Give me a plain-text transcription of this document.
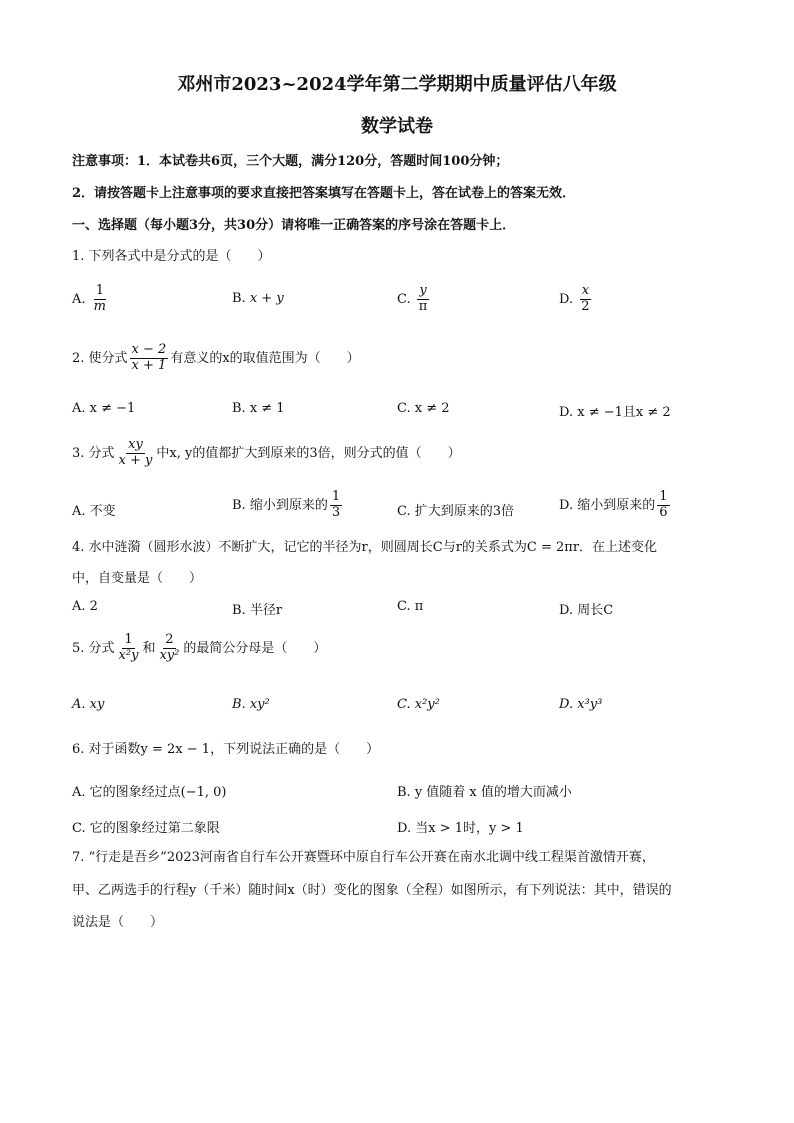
邓州市2023~2024学年第二学期期中质量评估八年级
数学试卷
注意事项：1．本试卷共6页，三个大题，满分120分，答题时间100分钟；
2．请按答题卡上注意事项的要求直接把答案填写在答题卡上，答在试卷上的答案无效．
一、选择题（每小题3分，共30分）请将唯一正确答案的序号涂在答题卡上．
1. 下列各式中是分式的是（　　）
A. $\frac{1}{m}$	B. x + y	C. $\frac{y}{\pi}$	D. $\frac{x}{2}$
2. 使分式 $\frac{x - 2}{x + 1}$ 有意义的x的取值范围为（　　）
A. x ≠ −1	B. x ≠ 1	C. x ≠ 2	D. x ≠ −1且x ≠ 2
3. 分式 $\frac{xy}{x + y}$ 中x, y的值都扩大到原来的3倍，则分式的值（　　）
A. 不变	B. 缩小到原来的 $\frac{1}{3}$	C. 扩大到原来的3倍	D. 缩小到原来的 $\frac{1}{6}$
4. 水中涟漪（圆形水波）不断扩大，记它的半径为r，则圆周长C与r的关系式为C = 2πr．在上述变化
中，自变量是（　　）
A. 2	B. 半径r	C. π	D. 周长C
5. 分式 $\frac{1}{\text{x²y}}$ 和 $\frac{2}{\text{xy²}}$ 的最简公分母是（　　）
A. xy	B. xy²	C. x²y²	D. x³y³
6. 对于函数y = 2x − 1，下列说法正确的是（　　）
A. 它的图象经过点(−1, 0)	B. y 值随着 x 值的增大而减小
C. 它的图象经过第二象限	D. 当x > 1时，y > 1
7. “行走是吾乡”2023河南省自行车公开赛暨环中原自行车公开赛在南水北调中线工程渠首激情开赛，
甲、乙两选手的行程y（千米）随时间x（时）变化的图象（全程）如图所示，有下列说法：其中，错误的
说法是（　　）
